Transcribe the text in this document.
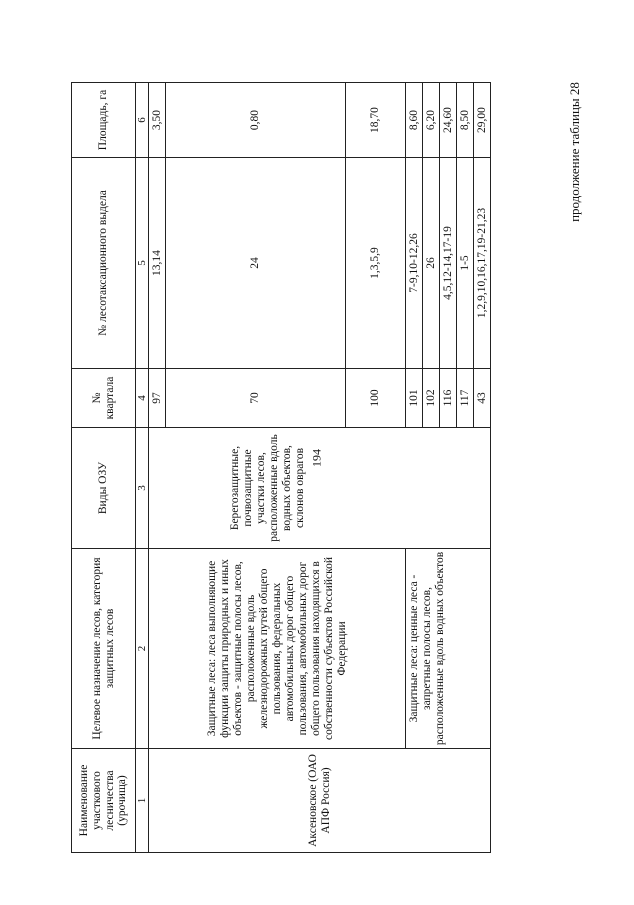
194
продолжение таблицы 28
Наименование участкового лесничества (урочища)	Целевое назначение лесов, категория защитных лесов	Виды ОЗУ	№ квартала	№ лесотаксационного выдела	Площадь, га
1	2	3	4	5	6
Аксеновское (ОАО АПФ Россия)	Защитные леса: леса выполняющие функции защиты природных и иных объектов - защитные полосы лесов, расположенные вдоль железнодорожных путей общего пользования, федеральных автомобильных дорог общего пользования, автомобильных дорог общего пользования находящихся в собственности субъектов Российской Федерации	Берегозащитные, почвозащитные участки лесов, расположенные вдоль водных объектов, склонов оврагов	97	13,14	3,50
			70	24	0,80
			100	1,3,5,9	18,70
	Защитные леса: ценные леса - запретные полосы лесов, расположенные вдоль водных объектов		101	7-9,10-12,26	8,60
			102	26	6,20
			116	4,5,12-14,17-19	24,60
			117	1-5	8,50
			43	1,2,9,10,16,17,19-21,23	29,00
